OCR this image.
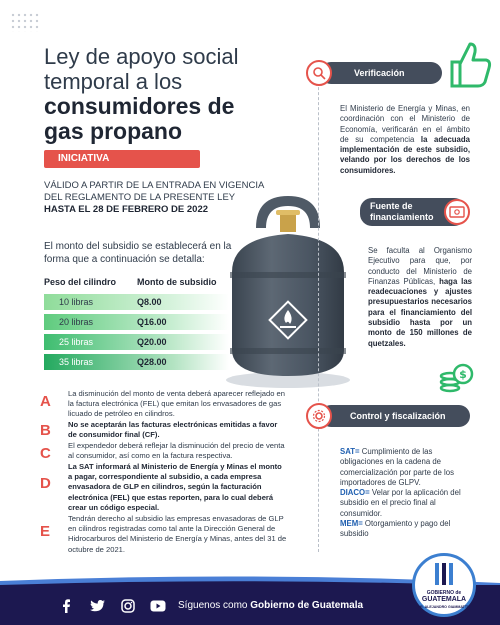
Ley de apoyo social
temporal a los
consumidores de
gas propano
INICIATIVA
VÁLIDO A PARTIR DE LA ENTRADA EN VIGENCIA
DEL REGLAMENTO DE LA PRESENTE LEY
HASTA EL 28 DE FEBRERO DE 2022
El monto del subsidio se establecerá en la forma que a continuación se detalla:
Peso del cilindro Monto de subsidio
10 libras	Q8.00
20 libras	Q16.00
25 libras	Q20.00
35 libras	Q28.00
A
B
C
D
E
La disminución del monto de venta deberá aparecer reflejado en la factura electrónica (FEL) que emitan los envasadores de gas licuado de petróleo en cilindros.
No se aceptarán las facturas electrónicas emitidas a favor de consumidor final (CF).
El expendedor deberá reflejar la disminución del precio de venta al consumidor, así como en la factura respectiva.
La SAT informará al Ministerio de Energía y Minas el monto a pagar, correspondiente al subsidio, a cada empresa envasadora de GLP en cilindros, según la facturación electrónica (FEL) que estas reporten, para lo cual deberá crear un código especial.
Tendrán derecho al subsidio las empresas envasadoras de GLP en cilindros registradas como tal ante la Dirección General de Hidrocarburos del Ministerio de Energía y Minas, antes del 31 de octubre de 2021.
Verificación
El Ministerio de Energía y Minas, en coordinación con el Ministerio de Economía, verificarán en el ámbito de su competencia la adecuada implementación de este subsidio, velando por los derechos de los consumidores.
Fuente de
financiamiento
Se faculta al Organismo Ejecutivo para que, por conducto del Ministerio de Finanzas Públicas, haga las readecuaciones y ajustes presupuestarios necesarios para el financiamiento del subsidio hasta por un monto de 150 millones de quetzales.
$
Control y fiscalización
SAT= Cumplimiento de las obligaciones en la cadena de comercialización por parte de los importadores de GLPV.
DIACO= Velar por la aplicación del subsidio en el precio final al consumidor.
MEM= Otorgamiento y pago del subsidio
Síguenos como Gobierno de Guatemala
GOBIERNO de
GUATEMALA
DR. ALEJANDRO GIAMMATTEI
